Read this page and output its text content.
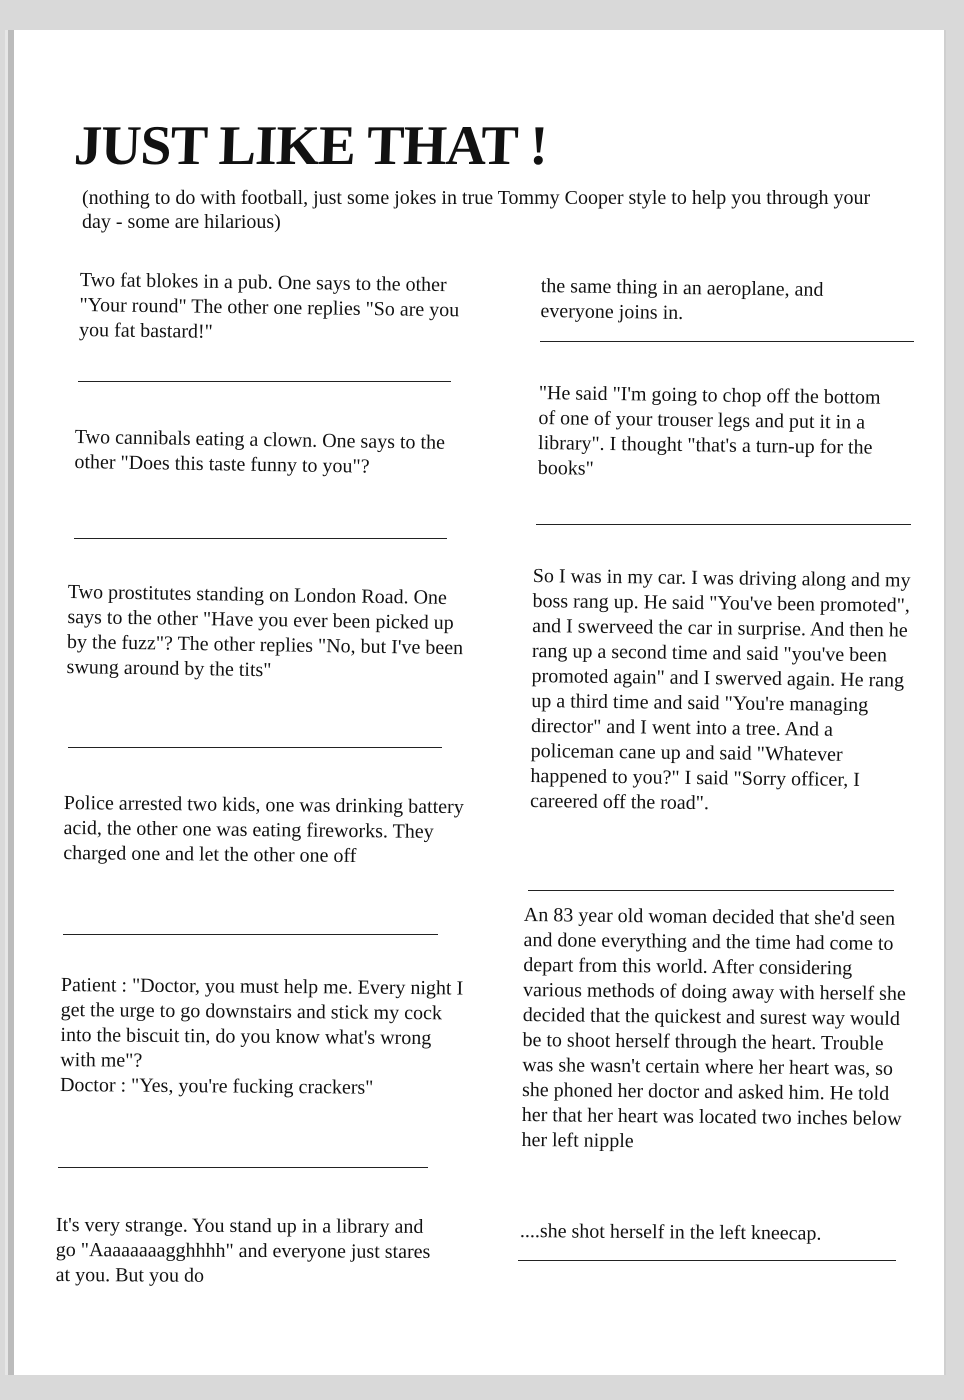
JUST LIKE THAT !

(nothing to do with football, just some jokes in true Tommy Cooper style to help you through your day - some are hilarious)

Two fat blokes in a pub. One says to the other "Your round" The other one replies "So are you you fat bastard!"

Two cannibals eating a clown. One says to the other "Does this taste funny to you"?

Two prostitutes standing on London Road. One says to the other "Have you ever been picked up by the fuzz"? The other replies "No, but I've been swung around by the tits"

Police arrested two kids, one was drinking battery acid, the other one was eating fireworks. They charged one and let the other one off

Patient : "Doctor, you must help me. Every night I get the urge to go downstairs and stick my cock into the biscuit tin, do you know what's wrong with me"?

Doctor : "Yes, you're fucking crackers"

It's very strange. You stand up in a library and go "Aaaaaaaagghhhh" and everyone just stares at you. But you do

the same thing in an aeroplane, and everyone joins in.

"He said "I'm going to chop off the bottom of one of your trouser legs and put it in a library". I thought "that's a turn-up for the books"

So I was in my car. I was driving along and my boss rang up. He said "You've been promoted", and I swerveed the car in surprise. And then he rang up a second time and said "you've been promoted again" and I swerved again. He rang up a third time and said "You're managing director" and I went into a tree. And a policeman cane up and said "Whatever happened to you?" I said "Sorry officer, I careered off the road".

An 83 year old woman decided that she'd seen and done everything and the time had come to depart from this world. After considering various methods of doing away with herself she decided that the quickest and surest way would be to shoot herself through the heart. Trouble was she wasn't certain where her heart was, so she phoned her doctor and asked him. He told her that her heart was located two inches below her left nipple

....she shot herself in the left kneecap.
